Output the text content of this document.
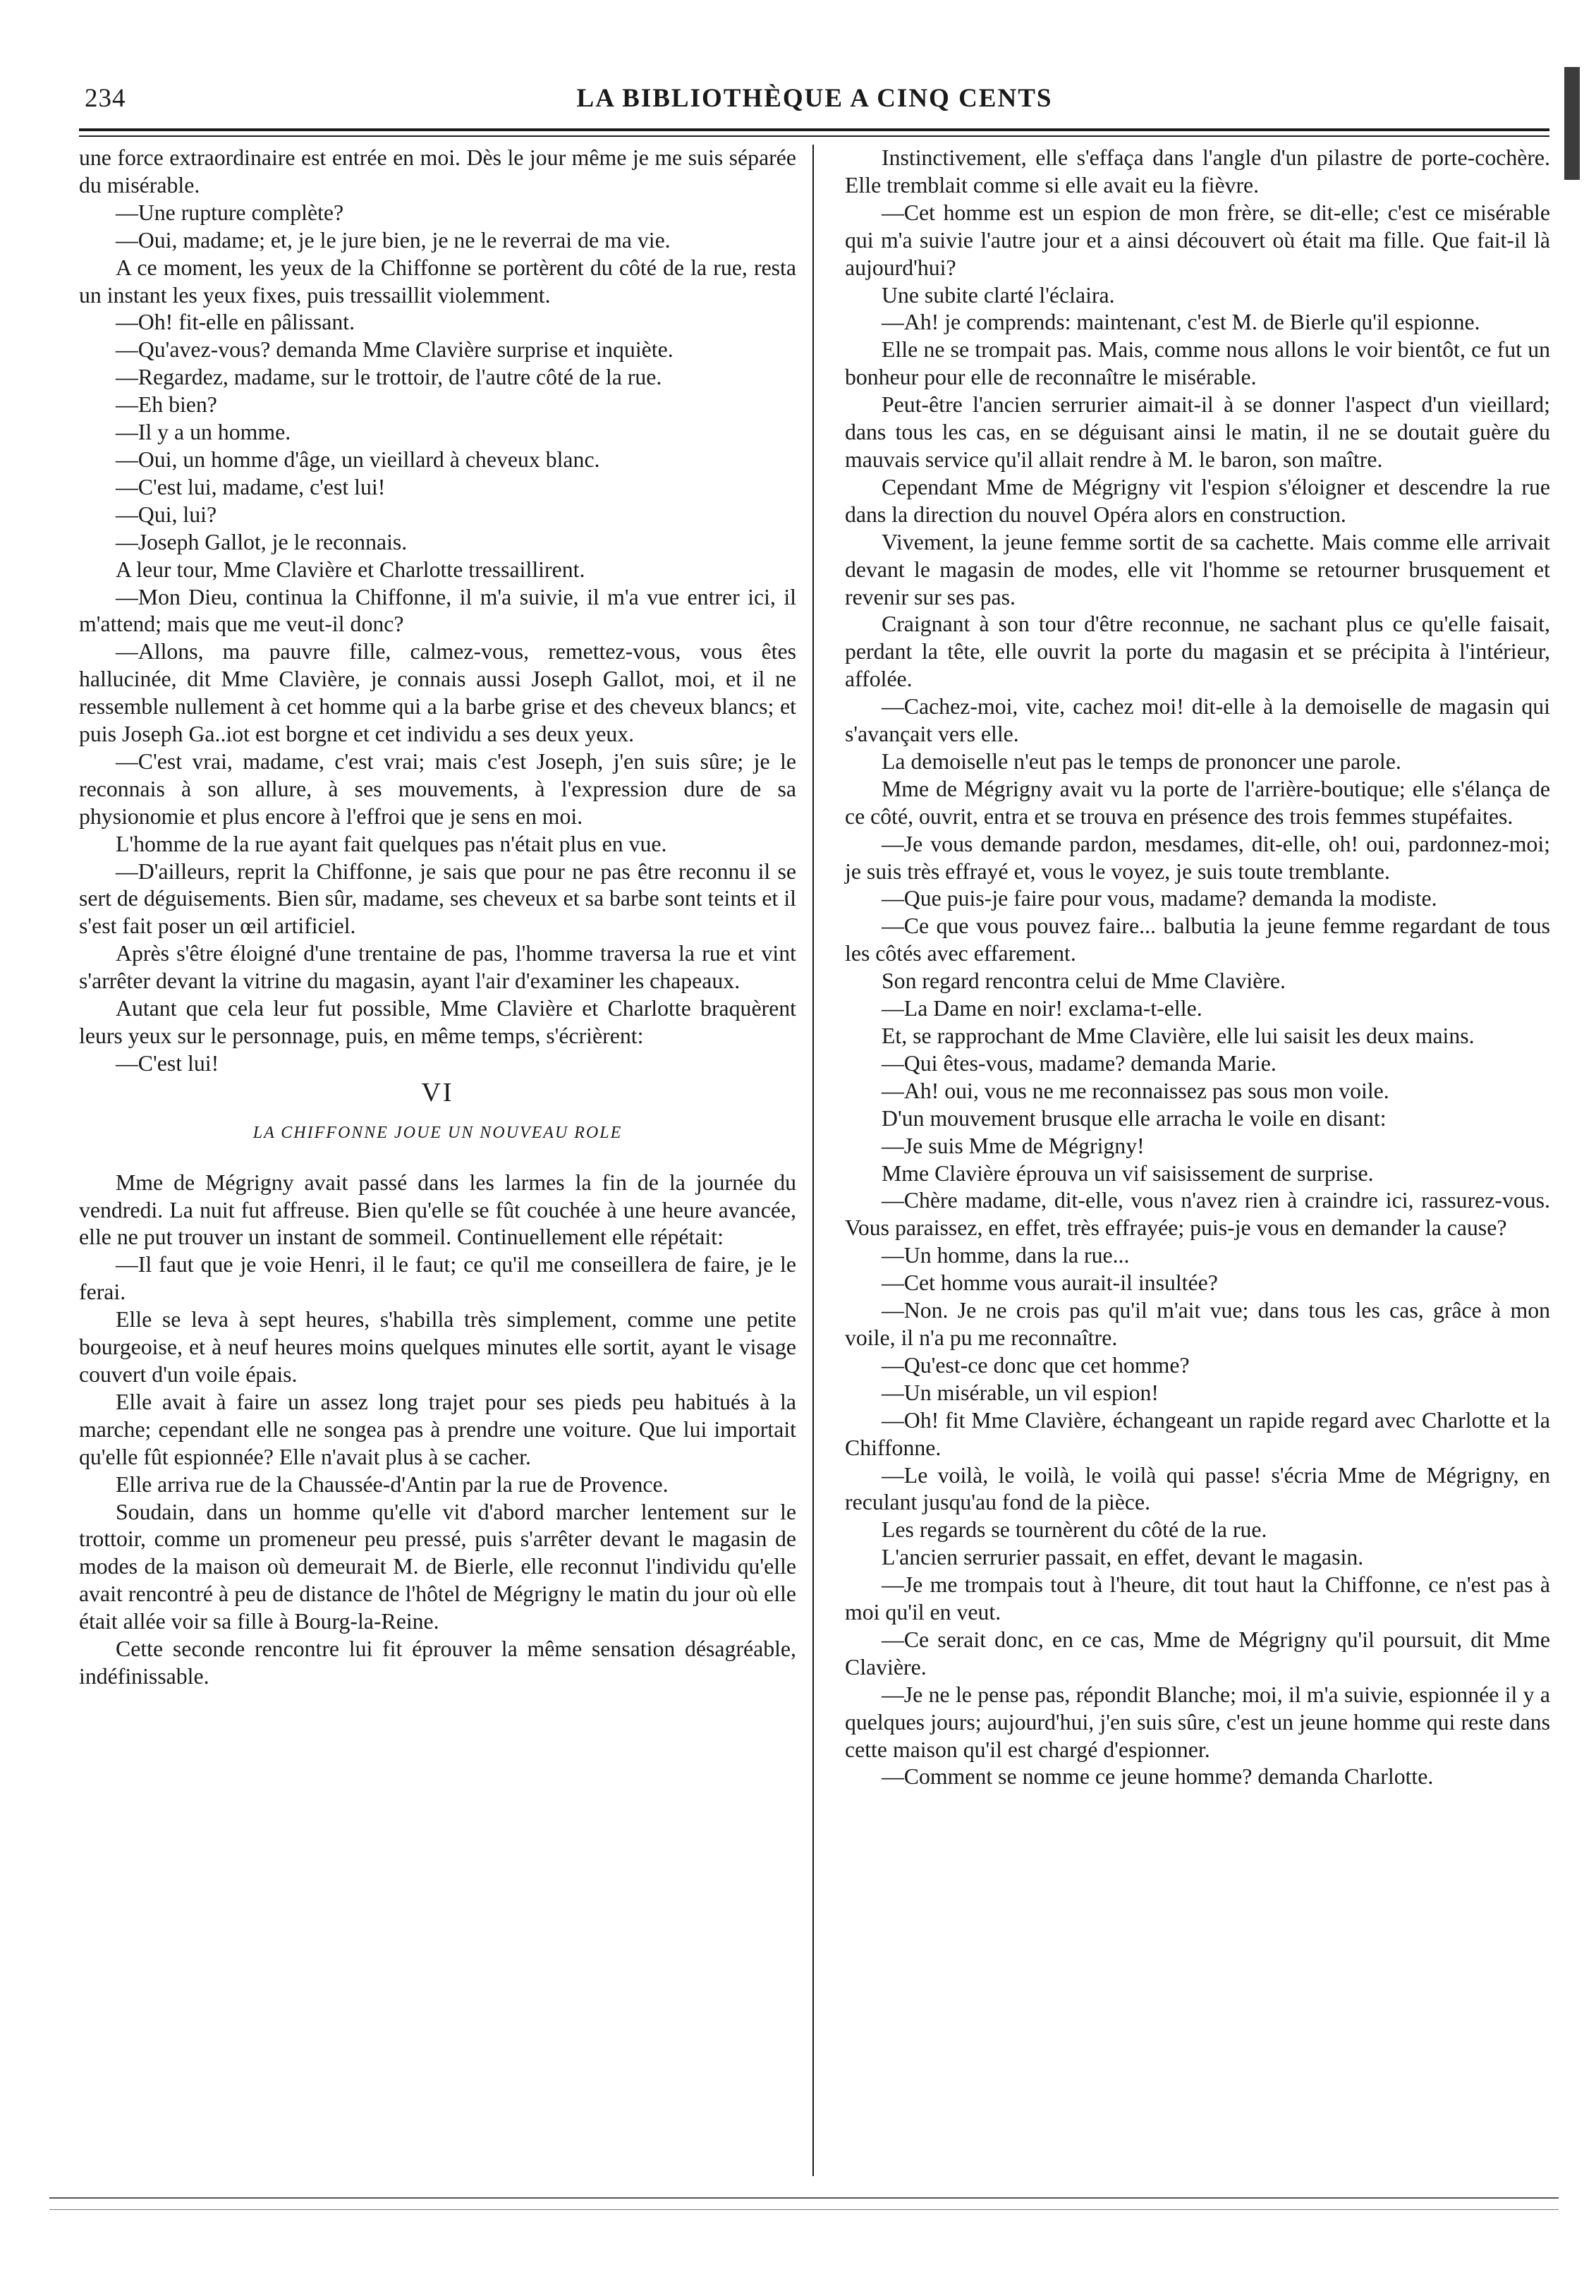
234	LA BIBLIOTHÈQUE A CINQ CENTS

une force extraordinaire est entrée en moi. Dès le jour même je me suis séparée du misérable.

—Une rupture complète?

—Oui, madame; et, je le jure bien, je ne le reverrai de ma vie.

A ce moment, les yeux de la Chiffonne se portèrent du côté de la rue, resta un instant les yeux fixes, puis tressaillit violemment.

—Oh! fit-elle en pâlissant.

—Qu'avez-vous? demanda Mme Clavière surprise et inquiète.

—Regardez, madame, sur le trottoir, de l'autre côté de la rue.

—Eh bien?

—Il y a un homme.

—Oui, un homme d'âge, un vieillard à cheveux blanc.

—C'est lui, madame, c'est lui!

—Qui, lui?

—Joseph Gallot, je le reconnais.

A leur tour, Mme Clavière et Charlotte tressaillirent.

—Mon Dieu, continua la Chiffonne, il m'a suivie, il m'a vue entrer ici, il m'attend; mais que me veut-il donc?

—Allons, ma pauvre fille, calmez-vous, remettez-vous, vous êtes hallucinée, dit Mme Clavière, je connais aussi Joseph Gallot, moi, et il ne ressemble nullement à cet homme qui a la barbe grise et des cheveux blancs; et puis Joseph Ga..iot est borgne et cet individu a ses deux yeux.

—C'est vrai, madame, c'est vrai; mais c'est Joseph, j'en suis sûre; je le reconnais à son allure, à ses mouvements, à l'expression dure de sa physionomie et plus encore à l'effroi que je sens en moi.

L'homme de la rue ayant fait quelques pas n'était plus en vue.

—D'ailleurs, reprit la Chiffonne, je sais que pour ne pas être reconnu il se sert de déguisements. Bien sûr, madame, ses cheveux et sa barbe sont teints et il s'est fait poser un œil artificiel.

Après s'être éloigné d'une trentaine de pas, l'homme traversa la rue et vint s'arrêter devant la vitrine du magasin, ayant l'air d'examiner les chapeaux.

Autant que cela leur fut possible, Mme Clavière et Charlotte braquèrent leurs yeux sur le personnage, puis, en même temps, s'écrièrent:

—C'est lui!

VI
LA CHIFFONNE JOUE UN NOUVEAU ROLE

Mme de Mégrigny avait passé dans les larmes la fin de la journée du vendredi. La nuit fut affreuse. Bien qu'elle se fût couchée à une heure avancée, elle ne put trouver un instant de sommeil. Continuellement elle répétait:

—Il faut que je voie Henri, il le faut; ce qu'il me conseillera de faire, je le ferai.

Elle se leva à sept heures, s'habilla très simplement, comme une petite bourgeoise, et à neuf heures moins quelques minutes elle sortit, ayant le visage couvert d'un voile épais.

Elle avait à faire un assez long trajet pour ses pieds peu habitués à la marche; cependant elle ne songea pas à prendre une voiture. Que lui importait qu'elle fût espionnée? Elle n'avait plus à se cacher.

Elle arriva rue de la Chaussée-d'Antin par la rue de Provence.

Soudain, dans un homme qu'elle vit d'abord marcher lentement sur le trottoir, comme un promeneur peu pressé, puis s'arrêter devant le magasin de modes de la maison où demeurait M. de Bierle, elle reconnut l'individu qu'elle avait rencontré à peu de distance de l'hôtel de Mégrigny le matin du jour où elle était allée voir sa fille à Bourg-la-Reine.

Cette seconde rencontre lui fit éprouver la même sensation désagréable, indéfinissable.

Instinctivement, elle s'effaça dans l'angle d'un pilastre de porte-cochère. Elle tremblait comme si elle avait eu la fièvre.

—Cet homme est un espion de mon frère, se dit-elle; c'est ce misérable qui m'a suivie l'autre jour et a ainsi découvert où était ma fille. Que fait-il là aujourd'hui?

Une subite clarté l'éclaira.

—Ah! je comprends: maintenant, c'est M. de Bierle qu'il espionne.

Elle ne se trompait pas. Mais, comme nous allons le voir bientôt, ce fut un bonheur pour elle de reconnaître le misérable.

Peut-être l'ancien serrurier aimait-il à se donner l'aspect d'un vieillard; dans tous les cas, en se déguisant ainsi le matin, il ne se doutait guère du mauvais service qu'il allait rendre à M. le baron, son maître.

Cependant Mme de Mégrigny vit l'espion s'éloigner et descendre la rue dans la direction du nouvel Opéra alors en construction.

Vivement, la jeune femme sortit de sa cachette. Mais comme elle arrivait devant le magasin de modes, elle vit l'homme se retourner brusquement et revenir sur ses pas.

Craignant à son tour d'être reconnue, ne sachant plus ce qu'elle faisait, perdant la tête, elle ouvrit la porte du magasin et se précipita à l'intérieur, affolée.

—Cachez-moi, vite, cachez moi! dit-elle à la demoiselle de magasin qui s'avançait vers elle.

La demoiselle n'eut pas le temps de prononcer une parole.

Mme de Mégrigny avait vu la porte de l'arrière-boutique; elle s'élança de ce côté, ouvrit, entra et se trouva en présence des trois femmes stupéfaites.

—Je vous demande pardon, mesdames, dit-elle, oh! oui, pardonnez-moi; je suis très effrayé et, vous le voyez, je suis toute tremblante.

—Que puis-je faire pour vous, madame? demanda la modiste.

—Ce que vous pouvez faire... balbutia la jeune femme regardant de tous les côtés avec effarement.

Son regard rencontra celui de Mme Clavière.

—La Dame en noir! exclama-t-elle.

Et, se rapprochant de Mme Clavière, elle lui saisit les deux mains.

—Qui êtes-vous, madame? demanda Marie.

—Ah! oui, vous ne me reconnaissez pas sous mon voile.

D'un mouvement brusque elle arracha le voile en disant:

—Je suis Mme de Mégrigny!

Mme Clavière éprouva un vif saisissement de surprise.

—Chère madame, dit-elle, vous n'avez rien à craindre ici, rassurez-vous. Vous paraissez, en effet, très effrayée; puis-je vous en demander la cause?

—Un homme, dans la rue...

—Cet homme vous aurait-il insultée?

—Non. Je ne crois pas qu'il m'ait vue; dans tous les cas, grâce à mon voile, il n'a pu me reconnaître.

—Qu'est-ce donc que cet homme?

—Un misérable, un vil espion!

—Oh! fit Mme Clavière, échangeant un rapide regard avec Charlotte et la Chiffonne.

—Le voilà, le voilà, le voilà qui passe! s'écria Mme de Mégrigny, en reculant jusqu'au fond de la pièce.

Les regards se tournèrent du côté de la rue.

L'ancien serrurier passait, en effet, devant le magasin.

—Je me trompais tout à l'heure, dit tout haut la Chiffonne, ce n'est pas à moi qu'il en veut.

—Ce serait donc, en ce cas, Mme de Mégrigny qu'il poursuit, dit Mme Clavière.

—Je ne le pense pas, répondit Blanche; moi, il m'a suivie, espionnée il y a quelques jours; aujourd'hui, j'en suis sûre, c'est un jeune homme qui reste dans cette maison qu'il est chargé d'espionner.

—Comment se nomme ce jeune homme? demanda Charlotte.
